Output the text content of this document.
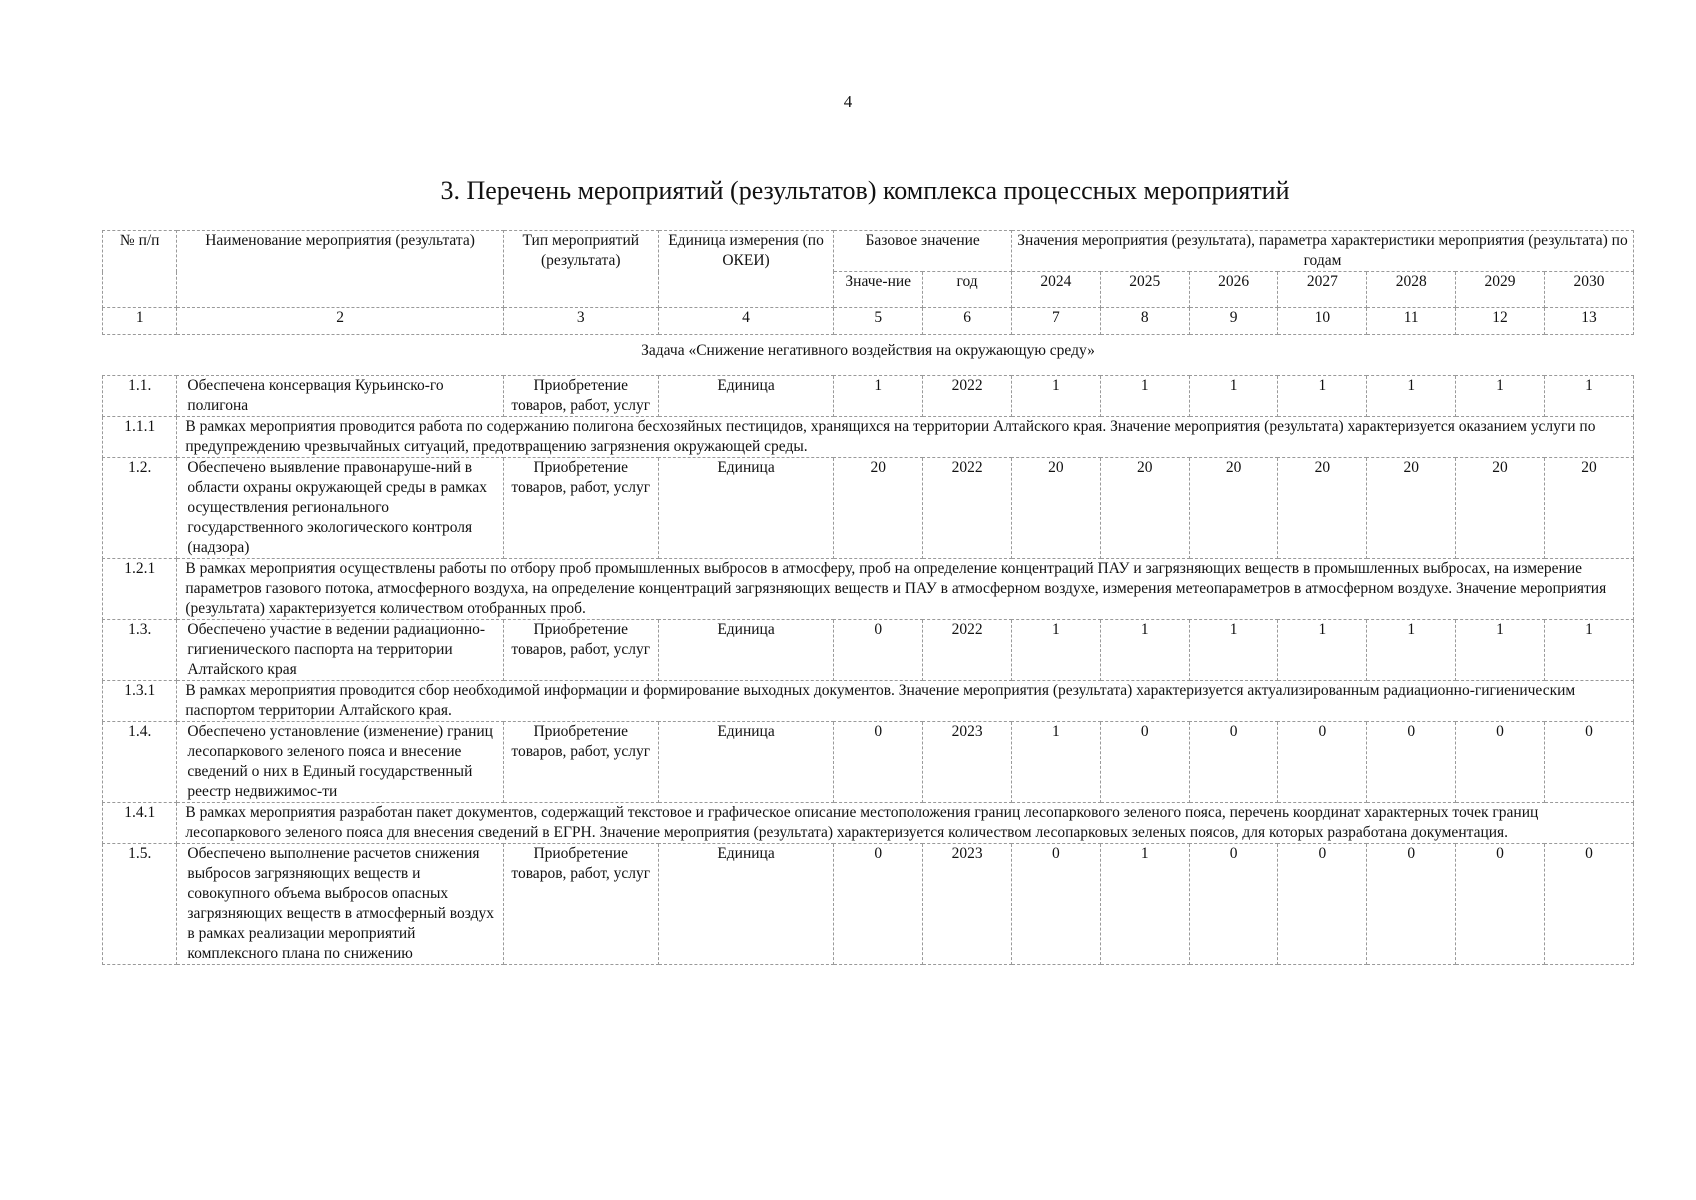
4
3. Перечень мероприятий (результатов) комплекса процессных мероприятий
№ п/п	Наименование мероприятия (результата)	Тип мероприятий (результата)	Единица измерения (по ОКЕИ)	Базовое значение		Значения мероприятия (результата), параметра характеристики мероприятия (результата) по годам						
				Значе-ние	год	2024	2025	2026	2027	2028	2029	2030
1	2	3	4	5	6	7	8	9	10	11	12	13
Задача «Снижение негативного воздействия на окружающую среду»												
1.1.	Обеспечена консервация Курьинско-го полигона	Приобретение товаров, работ, услуг	Единица	1	2022	1	1	1	1	1	1	1
1.1.1	В рамках мероприятия проводится работа по содержанию полигона бесхозяйных пестицидов, хранящихся на территории Алтайского края. Значение мероприятия (результата) характеризуется оказанием услуги по предупреждению чрезвычайных ситуаций, предотвращению загрязнения окружающей среды.											
1.2.	Обеспечено выявление правонаруше-ний в области охраны окружающей среды в рамках осуществления регионального государственного экологического контроля (надзора)	Приобретение товаров, работ, услуг	Единица	20	2022	20	20	20	20	20	20	20
1.2.1	В рамках мероприятия осуществлены работы по отбору проб промышленных выбросов в атмосферу, проб на определение концентраций ПАУ и загрязняющих веществ в промышленных выбросах, на измерение параметров газового потока, атмосферного воздуха, на определение концентраций загрязняющих веществ и ПАУ в атмосферном воздухе, измерения метеопараметров в атмосферном воздухе. Значение мероприятия (результата) характеризуется количеством отобранных проб.											
1.3.	Обеспечено участие в ведении радиационно-гигиенического паспорта на территории Алтайского края	Приобретение товаров, работ, услуг	Единица	0	2022	1	1	1	1	1	1	1
1.3.1	В рамках мероприятия проводится сбор необходимой информации и формирование выходных документов. Значение мероприятия (результата) характеризуется актуализированным радиационно-гигиеническим паспортом территории Алтайского края.											
1.4.	Обеспечено установление (изменение) границ лесопаркового зеленого пояса и внесение сведений о них в Единый государственный реестр недвижимос-ти	Приобретение товаров, работ, услуг	Единица	0	2023	1	0	0	0	0	0	0
1.4.1	В рамках мероприятия разработан пакет документов, содержащий текстовое и графическое описание местоположения границ лесопаркового зеленого пояса, перечень координат характерных точек границ лесопаркового зеленого пояса для внесения сведений в ЕГРН. Значение мероприятия (результата) характеризуется количеством лесопарковых зеленых поясов, для которых разработана документация.											
1.5.	Обеспечено выполнение расчетов снижения выбросов загрязняющих веществ и совокупного объема выбросов опасных загрязняющих веществ в атмосферный воздух в рамках реализации мероприятий комплексного плана по снижению	Приобретение товаров, работ, услуг	Единица	0	2023	0	1	0	0	0	0	0
